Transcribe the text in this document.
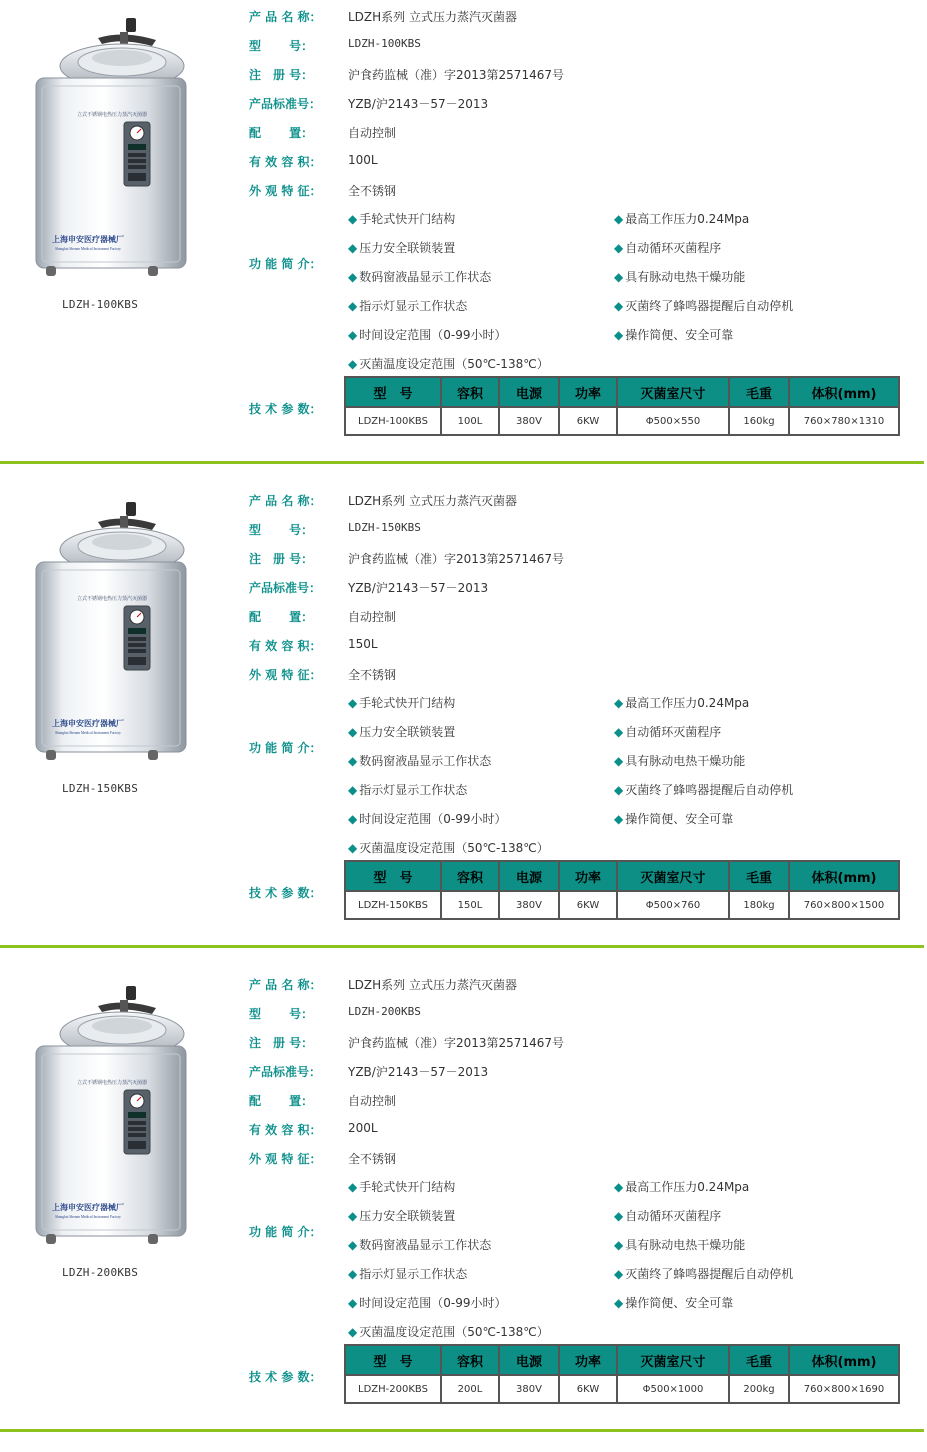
立式不锈钢电热压力蒸汽灭菌器
上海申安医疗器械厂
Shanghai Shenan Medical Instrument Factory
LDZH-100KBS
产 品 名 称： LDZH系列 立式压力蒸汽灭菌器
型　　 号：	LDZH-100KBS
注　册 号：	沪食药监械（准）字2013第2571467号
产品标准号： YZB/沪2143－57－2013
配　　 置：	自动控制
有 效 容 积： 100L
外 观 特 征： 全不锈钢
功 能 简 介：
◆ 手轮式快开门结构	◆ 最高工作压力0.24Mpa
◆ 压力安全联锁装置	◆ 自动循环灭菌程序
◆ 数码窗液晶显示工作状态	◆ 具有脉动电热干燥功能
◆ 指示灯显示工作状态	◆ 灭菌终了蜂鸣器提醒后自动停机
◆ 时间设定范围（0-99小时）	◆ 操作简便、安全可靠
◆ 灭菌温度设定范围（50℃-138℃）
技 术 参 数：
型　号	容积	电源	功率	灭菌室尺寸	毛重	体积(mm)
LDZH-100KBS	100L	380V	6KW	Φ500×550	160kg	760×780×1310
立式不锈钢电热压力蒸汽灭菌器
上海申安医疗器械厂
Shanghai Shenan Medical Instrument Factory
LDZH-150KBS
产 品 名 称： LDZH系列 立式压力蒸汽灭菌器
型　　 号：	LDZH-150KBS
注　册 号：	沪食药监械（准）字2013第2571467号
产品标准号： YZB/沪2143－57－2013
配　　 置：	自动控制
有 效 容 积： 150L
外 观 特 征： 全不锈钢
功 能 简 介：
◆ 手轮式快开门结构	◆ 最高工作压力0.24Mpa
◆ 压力安全联锁装置	◆ 自动循环灭菌程序
◆ 数码窗液晶显示工作状态	◆ 具有脉动电热干燥功能
◆ 指示灯显示工作状态	◆ 灭菌终了蜂鸣器提醒后自动停机
◆ 时间设定范围（0-99小时）	◆ 操作简便、安全可靠
◆ 灭菌温度设定范围（50℃-138℃）
技 术 参 数：
型　号	容积	电源	功率	灭菌室尺寸	毛重	体积(mm)
LDZH-150KBS	150L	380V	6KW	Φ500×760	180kg	760×800×1500
立式不锈钢电热压力蒸汽灭菌器
上海申安医疗器械厂
Shanghai Shenan Medical Instrument Factory
LDZH-200KBS
产 品 名 称： LDZH系列 立式压力蒸汽灭菌器
型　　 号：	LDZH-200KBS
注　册 号：	沪食药监械（准）字2013第2571467号
产品标准号： YZB/沪2143－57－2013
配　　 置：	自动控制
有 效 容 积： 200L
外 观 特 征： 全不锈钢
功 能 简 介：
◆ 手轮式快开门结构	◆ 最高工作压力0.24Mpa
◆ 压力安全联锁装置	◆ 自动循环灭菌程序
◆ 数码窗液晶显示工作状态	◆ 具有脉动电热干燥功能
◆ 指示灯显示工作状态	◆ 灭菌终了蜂鸣器提醒后自动停机
◆ 时间设定范围（0-99小时）	◆ 操作简便、安全可靠
◆ 灭菌温度设定范围（50℃-138℃）
技 术 参 数：
型　号	容积	电源	功率	灭菌室尺寸	毛重	体积(mm)
LDZH-200KBS	200L	380V	6KW	Φ500×1000	200kg	760×800×1690
